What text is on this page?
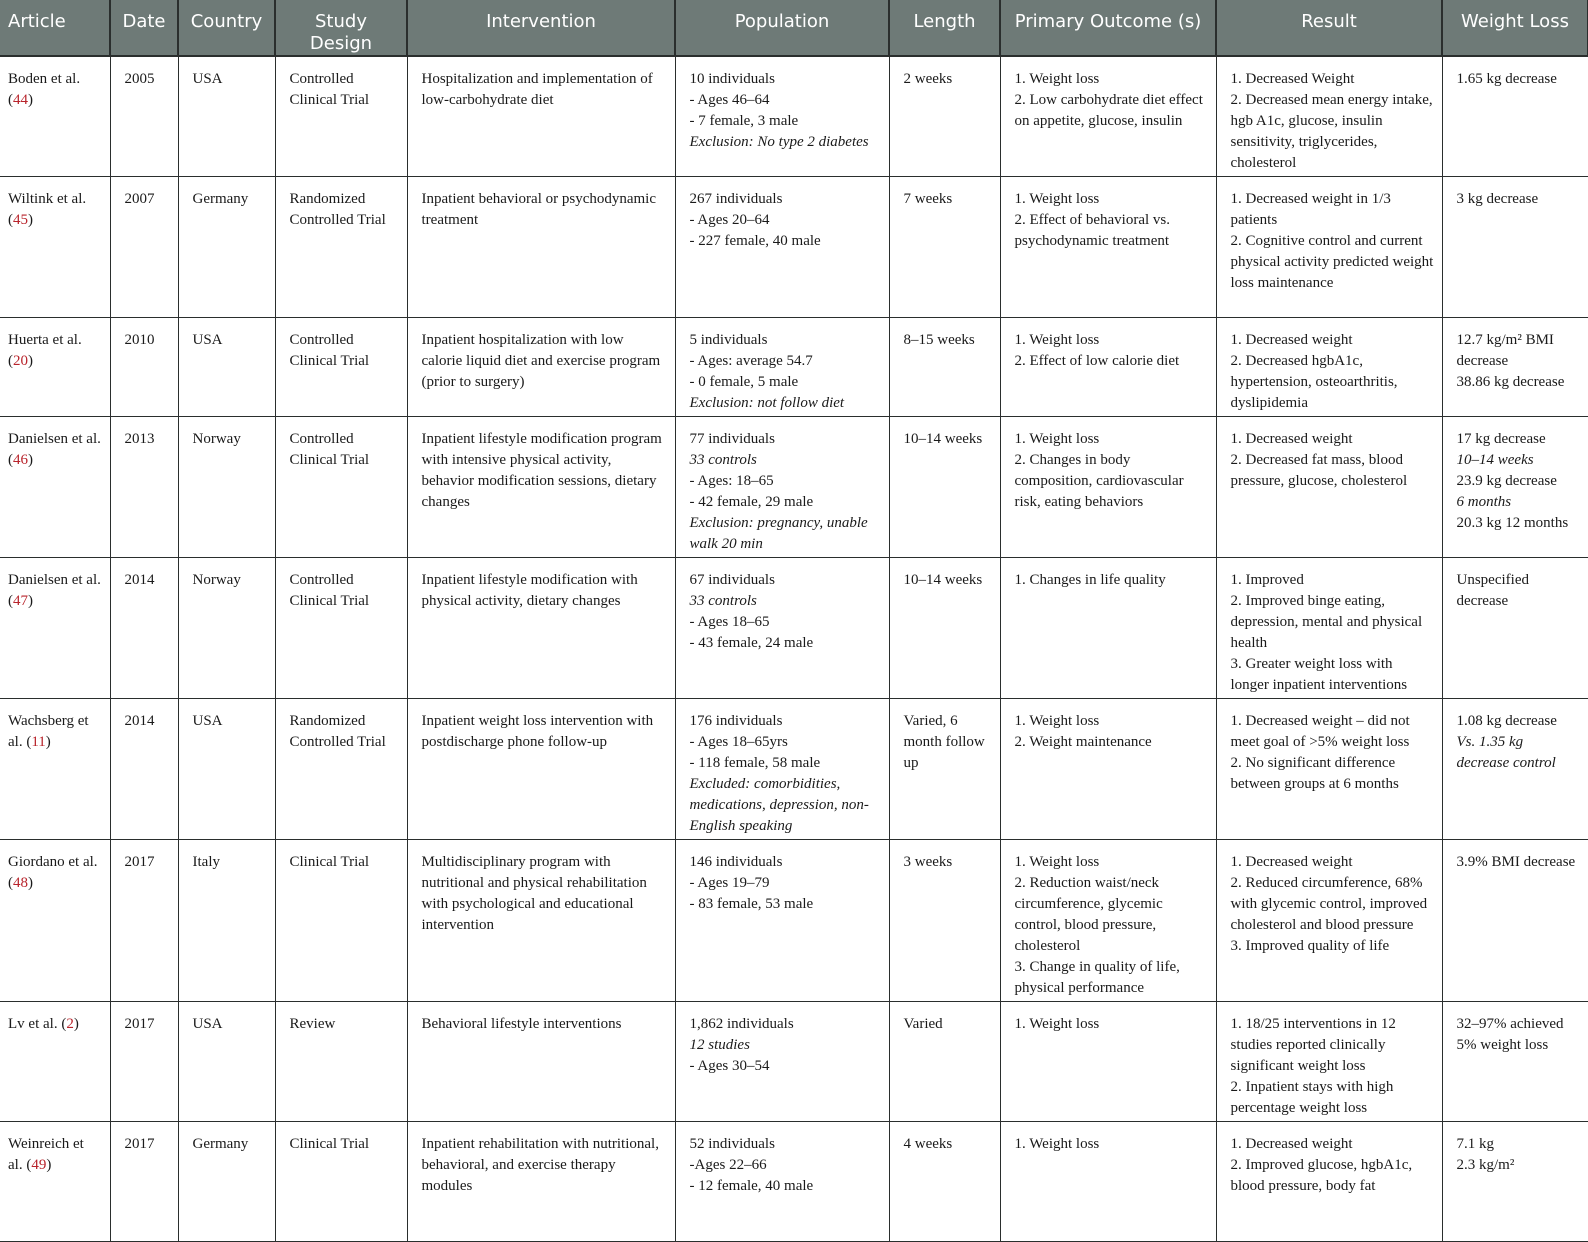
Article	Date	Country	Study Design	Intervention	Population	Length	Primary Outcome (s)	Result	Weight Loss
Boden et al. (44)	2005	USA	Controlled Clinical Trial	Hospitalization and implementation of low-carbohydrate diet	10 individuals
- Ages 46–64
- 7 female, 3 male
Exclusion: No type 2 diabetes	2 weeks	1. Weight loss
2. Low carbohydrate diet effect on appetite, glucose, insulin	1. Decreased Weight
2. Decreased mean energy intake, hgb A1c, glucose, insulin sensitivity, triglycerides, cholesterol	1.65 kg decrease

Wiltink et al. (45)	2007	Germany	Randomized Controlled Trial	Inpatient behavioral or psychodynamic treatment	267 individuals
- Ages 20–64
- 227 female, 40 male	7 weeks	1. Weight loss
2. Effect of behavioral vs. psychodynamic treatment	1. Decreased weight in 1/3 patients
2. Cognitive control and current physical activity predicted weight loss maintenance	3 kg decrease

Huerta et al. (20)	2010	USA	Controlled Clinical Trial	Inpatient hospitalization with low calorie liquid diet and exercise program (prior to surgery)	5 individuals
- Ages: average 54.7
- 0 female, 5 male
Exclusion: not follow diet	8–15 weeks	1. Weight loss
2. Effect of low calorie diet	1. Decreased weight
2. Decreased hgbA1c, hypertension, osteoarthritis, dyslipidemia	12.7 kg/m² BMI decrease
38.86 kg decrease

Danielsen et al. (46)	2013	Norway	Controlled Clinical Trial	Inpatient lifestyle modification program with intensive physical activity, behavior modification sessions, dietary changes	77 individuals
33 controls
- Ages: 18–65
- 42 female, 29 male
Exclusion: pregnancy, unable walk 20 min	10–14 weeks	1. Weight loss
2. Changes in body composition, cardiovascular risk, eating behaviors	1. Decreased weight
2. Decreased fat mass, blood pressure, glucose, cholesterol	17 kg decrease
10–14 weeks
23.9 kg decrease
6 months
20.3 kg 12 months

Danielsen et al. (47)	2014	Norway	Controlled Clinical Trial	Inpatient lifestyle modification with physical activity, dietary changes	67 individuals
33 controls
- Ages 18–65
- 43 female, 24 male	10–14 weeks	1. Changes in life quality	1. Improved
2. Improved binge eating, depression, mental and physical health
3. Greater weight loss with longer inpatient interventions	Unspecified decrease

Wachsberg et al. (11)	2014	USA	Randomized Controlled Trial	Inpatient weight loss intervention with postdischarge phone follow-up	176 individuals
- Ages 18–65yrs
- 118 female, 58 male
Excluded: comorbidities, medications, depression, non-English speaking	Varied, 6 month follow up	1. Weight loss
2. Weight maintenance	1. Decreased weight – did not meet goal of >5% weight loss
2. No significant difference between groups at 6 months	1.08 kg decrease
Vs. 1.35 kg decrease control

Giordano et al. (48)	2017	Italy	Clinical Trial	Multidisciplinary program with nutritional and physical rehabilitation with psychological and educational intervention	146 individuals
- Ages 19–79
- 83 female, 53 male	3 weeks	1. Weight loss
2. Reduction waist/neck circumference, glycemic control, blood pressure, cholesterol
3. Change in quality of life, physical performance	1. Decreased weight
2. Reduced circumference, 68% with glycemic control, improved cholesterol and blood pressure
3. Improved quality of life	3.9% BMI decrease

Lv et al. (2)	2017	USA	Review	Behavioral lifestyle interventions	1,862 individuals
12 studies
- Ages 30–54	Varied	1. Weight loss	1. 18/25 interventions in 12 studies reported clinically significant weight loss
2. Inpatient stays with high percentage weight loss	32–97% achieved 5% weight loss

Weinreich et al. (49)	2017	Germany	Clinical Trial	Inpatient rehabilitation with nutritional, behavioral, and exercise therapy modules	52 individuals
-Ages 22–66
- 12 female, 40 male	4 weeks	1. Weight loss	1. Decreased weight
2. Improved glucose, hgbA1c, blood pressure, body fat	7.1 kg
2.3 kg/m²
